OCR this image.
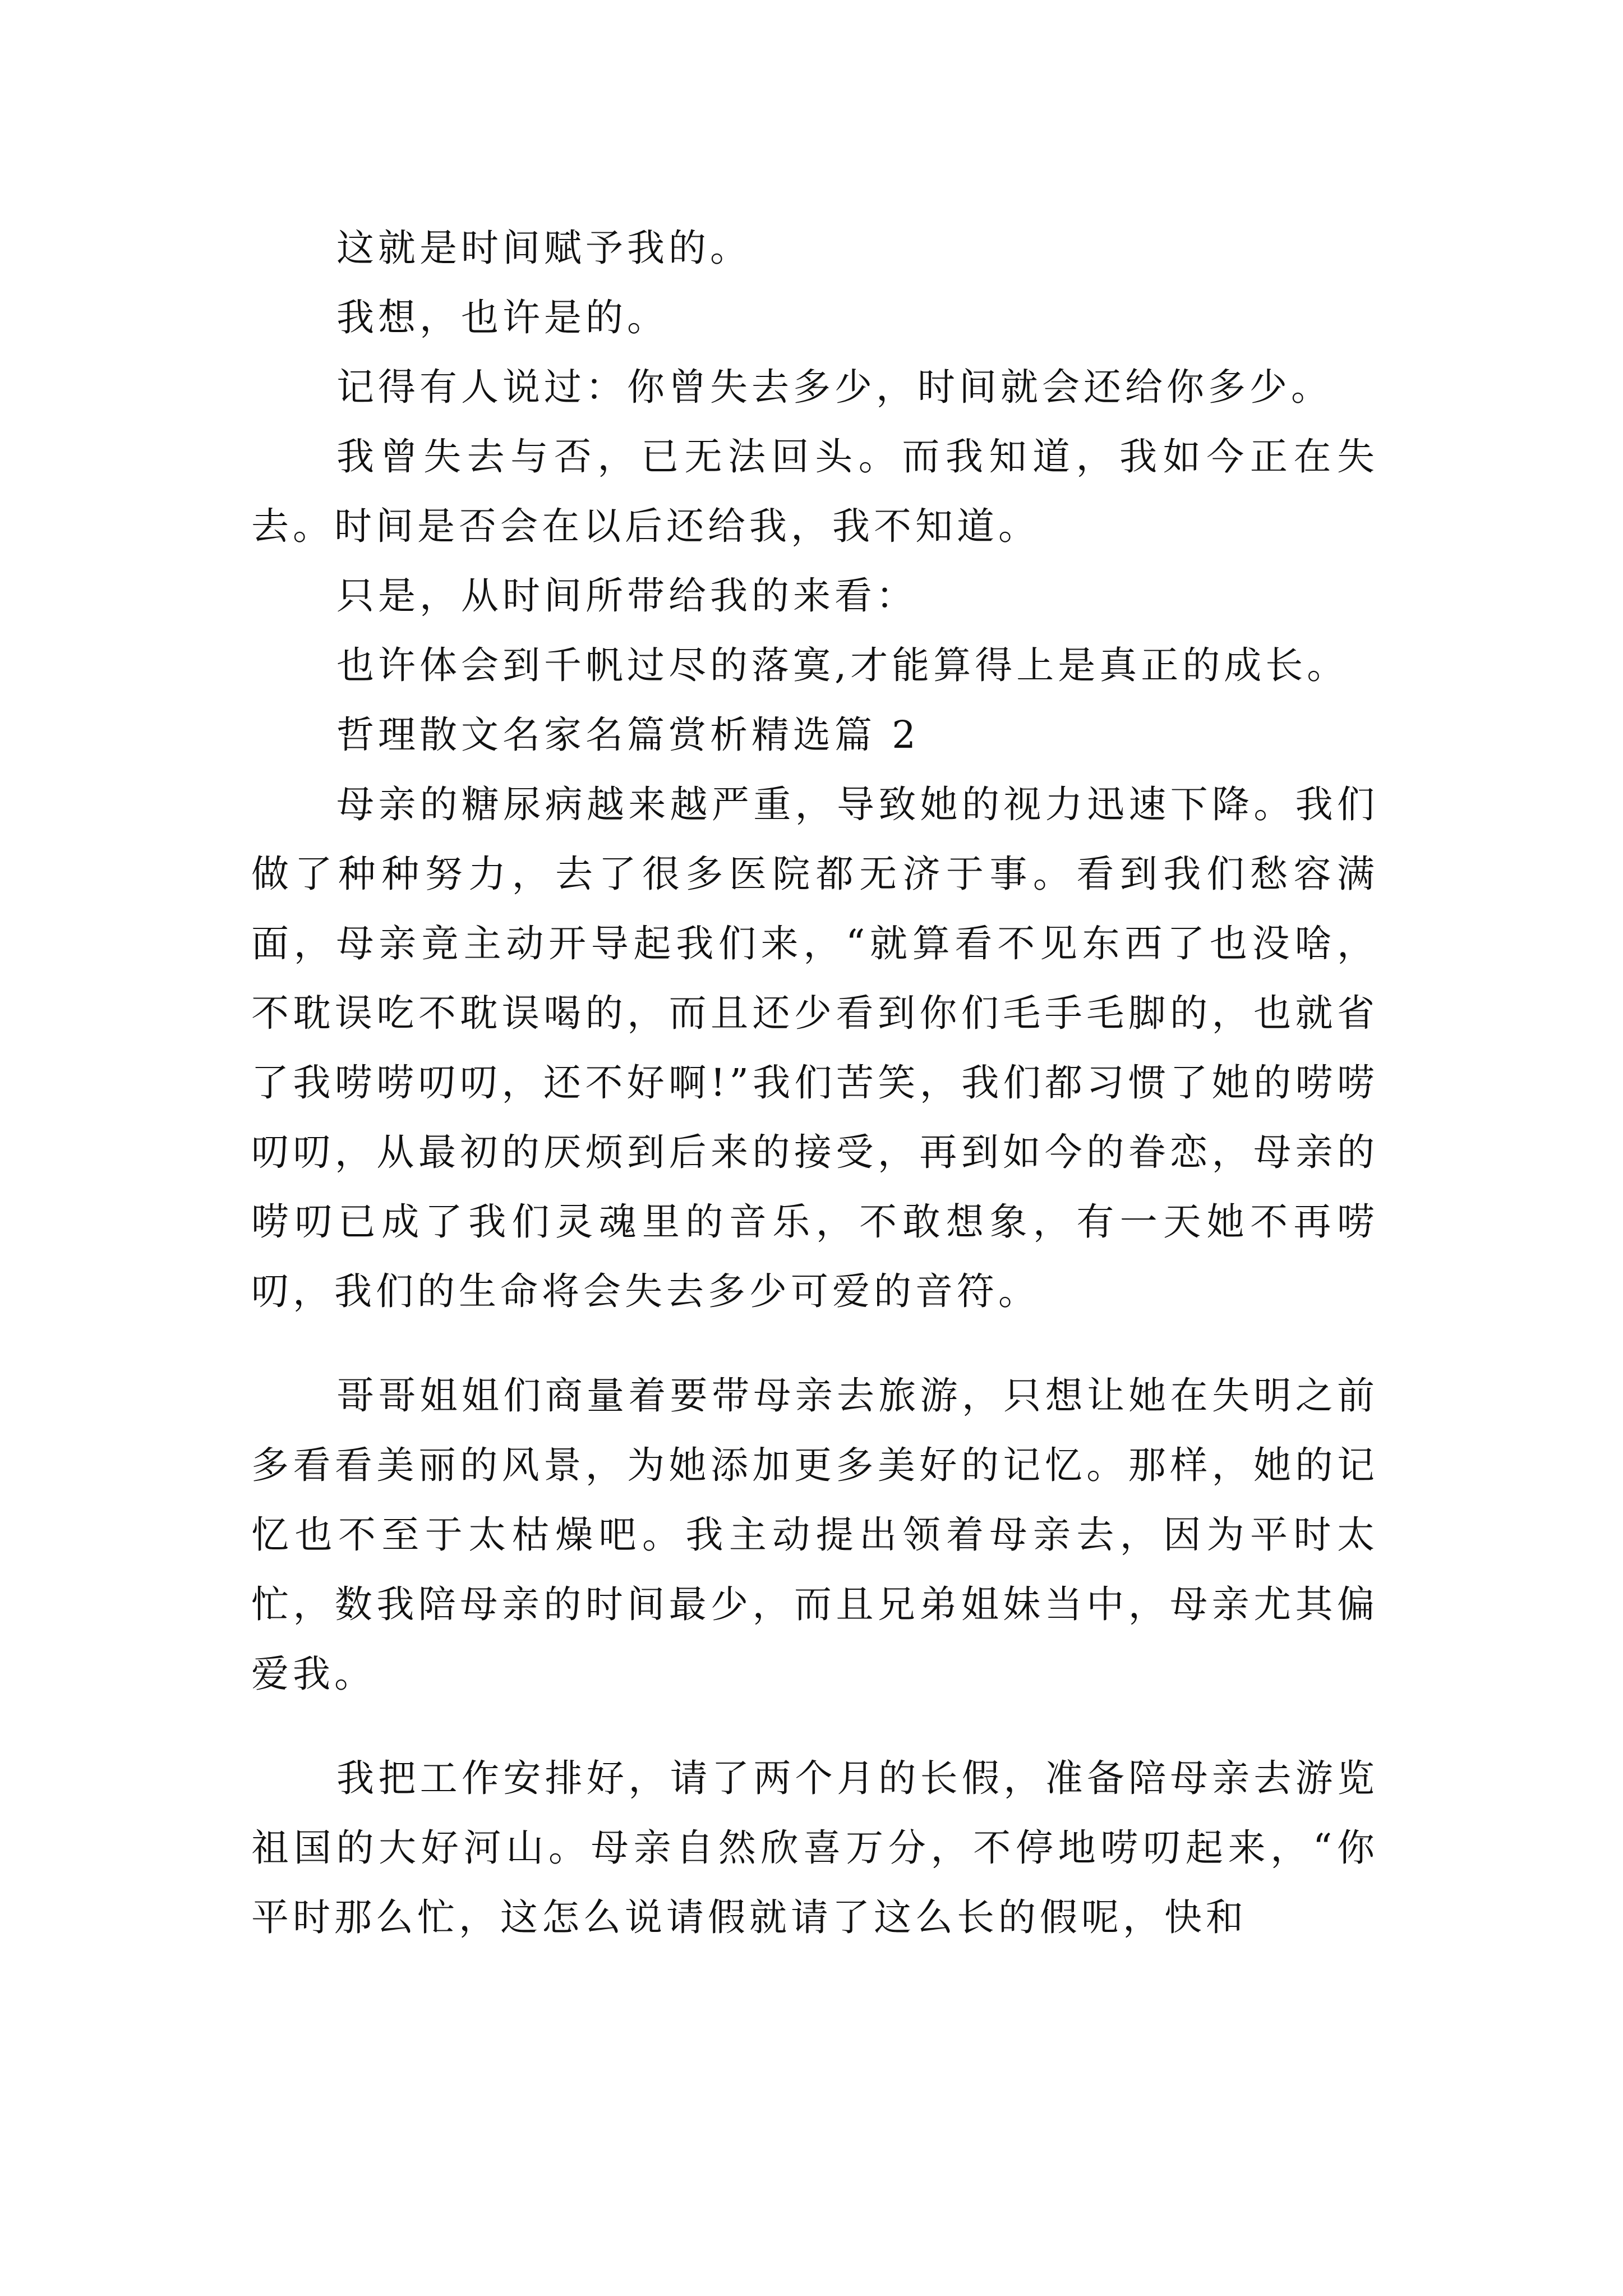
这就是时间赋予我的。

我想，也许是的。

记得有人说过：你曾失去多少，时间就会还给你多少。

我曾失去与否，已无法回头。而我知道，我如今正在失去。时间是否会在以后还给我，我不知道。

只是，从时间所带给我的来看：

也许体会到千帆过尽的落寞,才能算得上是真正的成长。

哲理散文名家名篇赏析精选篇 2

母亲的糖尿病越来越严重，导致她的视力迅速下降。我们做了种种努力，去了很多医院都无济于事。看到我们愁容满面，母亲竟主动开导起我们来，“就算看不见东西了也没啥，不耽误吃不耽误喝的，而且还少看到你们毛手毛脚的，也就省了我唠唠叨叨，还不好啊!”我们苦笑，我们都习惯了她的唠唠叨叨，从最初的厌烦到后来的接受，再到如今的眷恋，母亲的唠叨已成了我们灵魂里的音乐，不敢想象，有一天她不再唠叨，我们的生命将会失去多少可爱的音符。

哥哥姐姐们商量着要带母亲去旅游，只想让她在失明之前多看看美丽的风景，为她添加更多美好的记忆。那样，她的记忆也不至于太枯燥吧。我主动提出领着母亲去，因为平时太忙，数我陪母亲的时间最少，而且兄弟姐妹当中，母亲尤其偏爱我。

我把工作安排好，请了两个月的长假，准备陪母亲去游览祖国的大好河山。母亲自然欣喜万分，不停地唠叨起来，“你平时那么忙，这怎么说请假就请了这么长的假呢，快和
